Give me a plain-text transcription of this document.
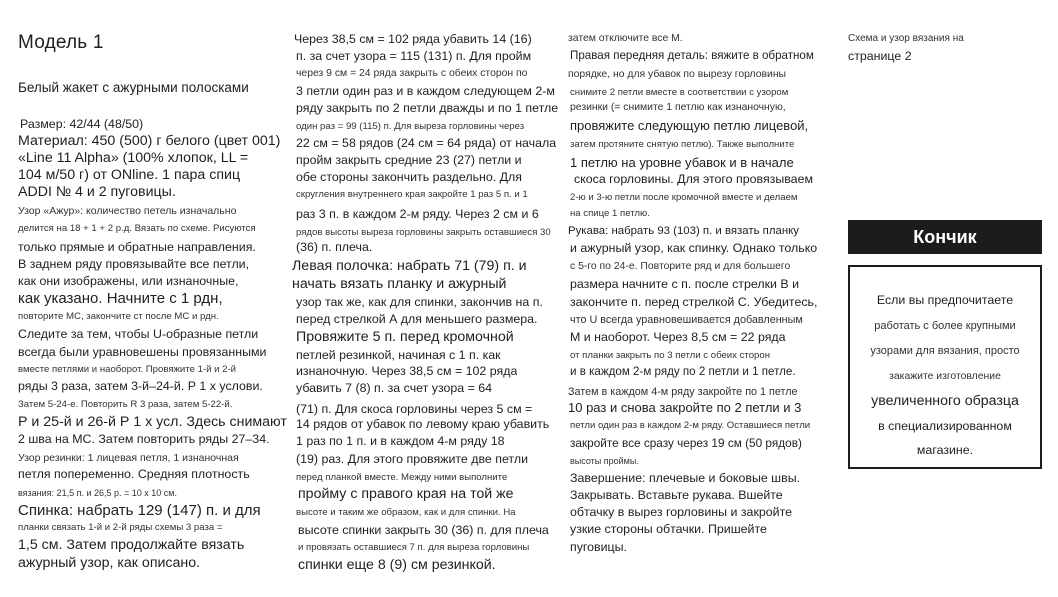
Модель 1
Белый жакет с ажурными полосками
Размер: 42/44 (48/50)
Материал: 450 (500) г белого (цвет 001)
«Line 11 Alpha» (100% хлопок, LL =
104 м/50 г) от ONline. 1 пара спиц
ADDI № 4 и 2 пуговицы.
Узор «Ажур»: количество петель изначально
делится на 18 + 1 + 2 р.д. Вязать по схеме. Рисуются
только прямые и обратные направления.
В заднем ряду провязывайте все петли,
как они изображены, или изнаночные,
как указано. Начните с 1 рдн,
повторите МС, закончите ст после МС и рдн.
Следите за тем, чтобы U-образные петли
всегда были уравновешены провязанными
вместе петлями и наоборот. Провяжите 1-й и 2-й
ряды 3 раза, затем 3-й–24-й. Р 1 х услови.
Затем 5-24-е. Повторить R 3 раза, затем 5-22-й.
Р и 25-й и 26-й Р 1 х усл. Здесь снимают
2 шва на МС. Затем повторить ряды 27–34.
Узор резинки: 1 лицевая петля, 1 изнаночная
петля попеременно. Средняя плотность
вязания: 21,5 п. и 26,5 р. = 10 х 10 см.
Спинка: набрать 129 (147) п. и для
планки связать 1-й и 2-й ряды схемы 3 раза =
1,5 см. Затем продолжайте вязать
ажурный узор, как описано.
Через 38,5 см = 102 ряда убавить 14 (16)
п. за счет узора = 115 (131) п. Для пройм
через 9 см = 24 ряда закрыть с обеих сторон по
3 петли один раз и в каждом следующем 2-м
ряду закрыть по 2 петли дважды и по 1 петле
один раз = 99 (115) п. Для выреза горловины через
22 см = 58 рядов (24 см = 64 ряда) от начала
пройм закрыть средние 23 (27) петли и
обе стороны закончить раздельно. Для
скругления внутреннего края закройте 1 раз 5 п. и 1
раз 3 п. в каждом 2-м ряду. Через 2 см и 6
рядов высоты выреза горловины закрыть оставшиеся 30
(36) п. плеча.
Левая полочка: набрать 71 (79) п. и
начать вязать планку и ажурный
узор так же, как для спинки, закончив на п.
перед стрелкой А для меньшего размера.
Провяжите 5 п. перед кромочной
петлей резинкой, начиная с 1 п. как
изнаночную. Через 38,5 см = 102 ряда
убавить 7 (8) п. за счет узора = 64
(71) п. Для скоса горловины через 5 см =
14 рядов от убавок по левому краю убавить
1 раз по 1 п. и в каждом 4-м ряду 18
(19) раз. Для этого провяжите две петли
перед планкой вместе. Между ними выполните
пройму с правого края на той же
высоте и таким же образом, как и для спинки. На
высоте спинки закрыть 30 (36) п. для плеча
и провязать оставшиеся 7 п. для выреза горловины
спинки еще 8 (9) см резинкой.
затем отключите все М.
Правая передняя деталь: вяжите в обратном
порядке, но для убавок по вырезу горловины
снимите 2 петли вместе в соответствии с узором
резинки (= снимите 1 петлю как изнаночную,
провяжите следующую петлю лицевой,
затем протяните снятую петлю). Также выполните
1 петлю на уровне убавок и в начале
скоса горловины. Для этого провязываем
2-ю и 3-ю петли после кромочной вместе и делаем
на спице 1 петлю.
Рукава: набрать 93 (103) п. и вязать планку
и ажурный узор, как спинку. Однако только
с 5-го по 24-е. Повторите ряд и для большего
размера начните с п. после стрелки В и
закончите п. перед стрелкой С. Убедитесь,
что U всегда уравновешивается добавленным
М и наоборот. Через 8,5 см = 22 ряда
от планки закрыть по 3 петли с обеих сторон
и в каждом 2-м ряду по 2 петли и 1 петле.
Затем в каждом 4-м ряду закройте по 1 петле
10 раз и снова закройте по 2 петли и 3
петли один раз в каждом 2-м ряду. Оставшиеся петли
закройте все сразу через 19 см (50 рядов)
высоты проймы.
Завершение: плечевые и боковые швы.
Закрывать. Вставьте рукава. Вшейте
обтачку в вырез горловины и закройте
узкие стороны обтачки. Пришейте
пуговицы.
Схема и узор вязания на
странице 2
Кончик
Если вы предпочитаете
работать с более крупными
узорами для вязания, просто
закажите изготовление
увеличенного образца
в специализированном
магазине.
